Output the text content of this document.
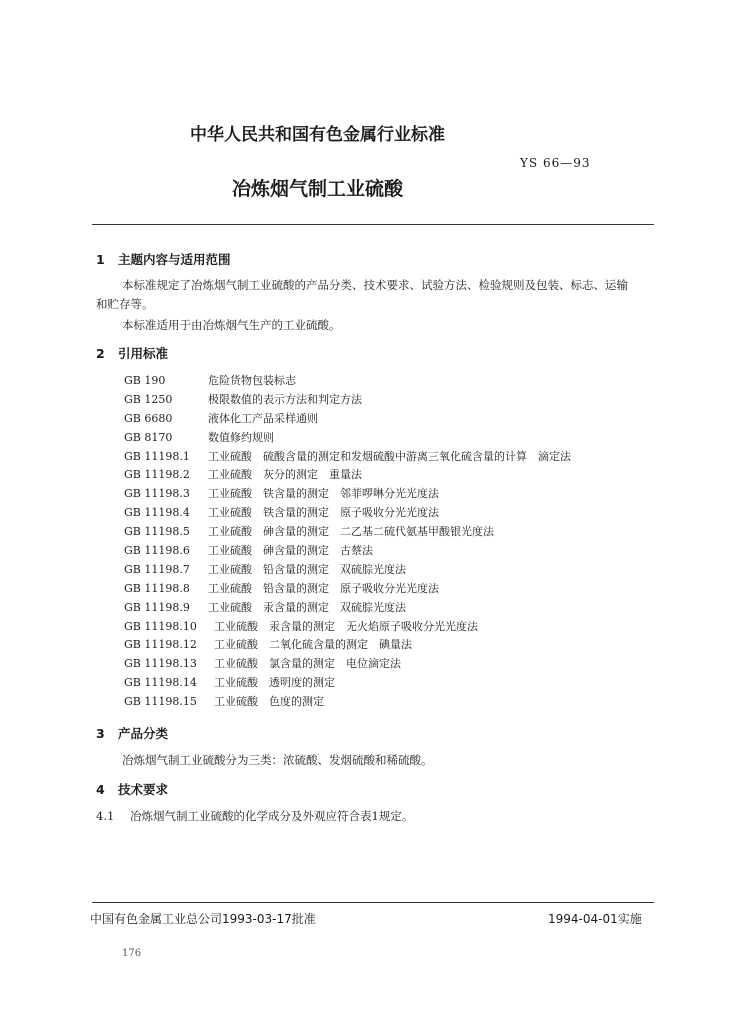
中华人民共和国有色金属行业标准
YS 66—93
冶炼烟气制工业硫酸
1 主题内容与适用范围
本标准规定了冶炼烟气制工业硫酸的产品分类、技术要求、试验方法、检验规则及包装、标志、运输
和贮存等。
本标准适用于由冶炼烟气生产的工业硫酸。
2 引用标准
GB 190	危险货物包装标志
GB 1250	极限数值的表示方法和判定方法
GB 6680	液体化工产品采样通则
GB 8170	数值修约规则
GB 11198.1	工业硫酸　硫酸含量的测定和发烟硫酸中游离三氧化硫含量的计算　滴定法
GB 11198.2	工业硫酸　灰分的测定　重量法
GB 11198.3	工业硫酸　铁含量的测定　邻菲啰啉分光光度法
GB 11198.4	工业硫酸　铁含量的测定　原子吸收分光光度法
GB 11198.5	工业硫酸　砷含量的测定　二乙基二硫代氨基甲酸银光度法
GB 11198.6	工业硫酸　砷含量的测定　古蔡法
GB 11198.7	工业硫酸　铅含量的测定　双硫腙光度法
GB 11198.8	工业硫酸　铅含量的测定　原子吸收分光光度法
GB 11198.9	工业硫酸　汞含量的测定　双硫腙光度法
GB 11198.10	工业硫酸　汞含量的测定　无火焰原子吸收分光光度法
GB 11198.12	工业硫酸　二氧化硫含量的测定　碘量法
GB 11198.13	工业硫酸　氯含量的测定　电位滴定法
GB 11198.14	工业硫酸　透明度的测定
GB 11198.15	工业硫酸　色度的测定
3 产品分类
冶炼烟气制工业硫酸分为三类：浓硫酸、发烟硫酸和稀硫酸。
4 技术要求
4.1 冶炼烟气制工业硫酸的化学成分及外观应符合表1规定。
中国有色金属工业总公司1993-03-17批准	1994-04-01实施
176
